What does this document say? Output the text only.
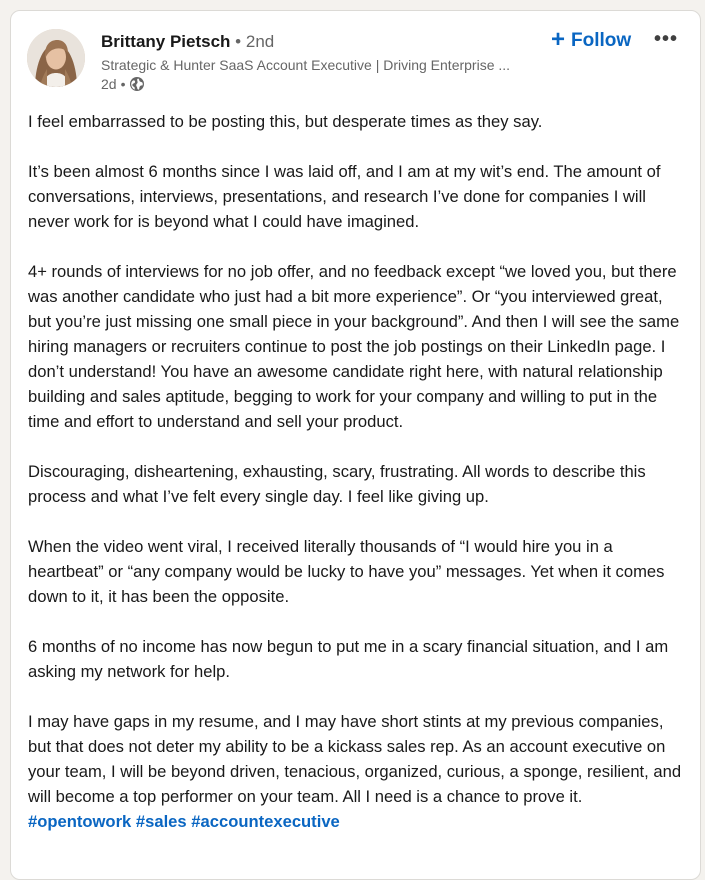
Brittany Pietsch • 2nd
Strategic & Hunter SaaS Account Executive | Driving Enterprise ...
2d •
+ Follow •••

I feel embarrassed to be posting this, but desperate times as they say.

It’s been almost 6 months since I was laid off, and I am at my wit’s end. The amount of conversations, interviews, presentations, and research I’ve done for companies I will never work for is beyond what I could have imagined.

4+ rounds of interviews for no job offer, and no feedback except “we loved you, but there was another candidate who just had a bit more experience”. Or “you interviewed great, but you’re just missing one small piece in your background”. And then I will see the same hiring managers or recruiters continue to post the job postings on their LinkedIn page. I don’t understand! You have an awesome candidate right here, with natural relationship building and sales aptitude, begging to work for your company and willing to put in the time and effort to understand and sell your product.

Discouraging, disheartening, exhausting, scary, frustrating. All words to describe this process and what I’ve felt every single day. I feel like giving up.

When the video went viral, I received literally thousands of “I would hire you in a heartbeat” or “any company would be lucky to have you” messages. Yet when it comes down to it, it has been the opposite.

6 months of no income has now begun to put me in a scary financial situation, and I am asking my network for help.

I may have gaps in my resume, and I may have short stints at my previous companies, but that does not deter my ability to be a kickass sales rep. As an account executive on your team, I will be beyond driven, tenacious, organized, curious, a sponge, resilient, and will become a top performer on your team. All I need is a chance to prove it. #opentowork #sales #accountexecutive
